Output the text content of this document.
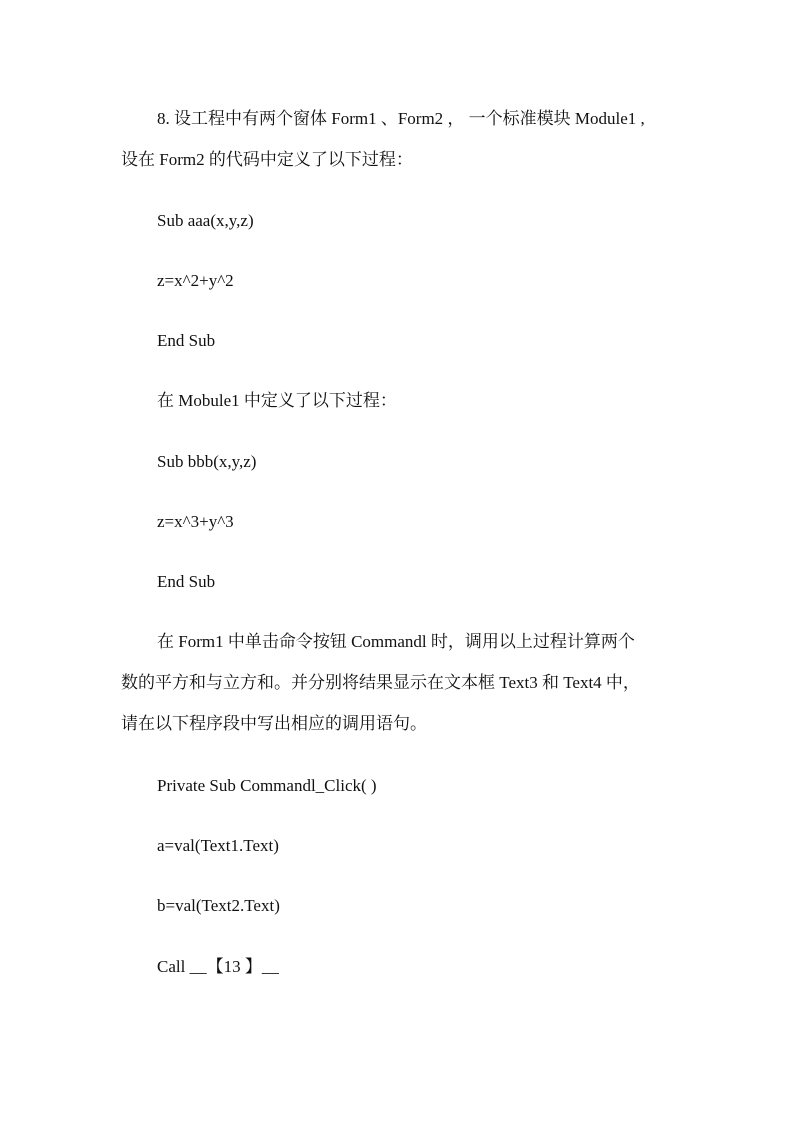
8. 设工程中有两个窗体 Form1 、Form2 ， 一个标准模块 Module1 ,
设在 Form2 的代码中定义了以下过程：
Sub aaa(x,y,z)
z=x^2+y^2
End Sub
在 Mobule1 中定义了以下过程：
Sub bbb(x,y,z)
z=x^3+y^3
End Sub
在 Form1 中单击命令按钮 Commandl 时，调用以上过程计算两个
数的平方和与立方和。并分别将结果显示在文本框 Text3 和 Text4 中，
请在以下程序段中写出相应的调用语句。
Private Sub Commandl_Click( )
a=val(Text1.Text)
b=val(Text2.Text)
Call __【13 】__
